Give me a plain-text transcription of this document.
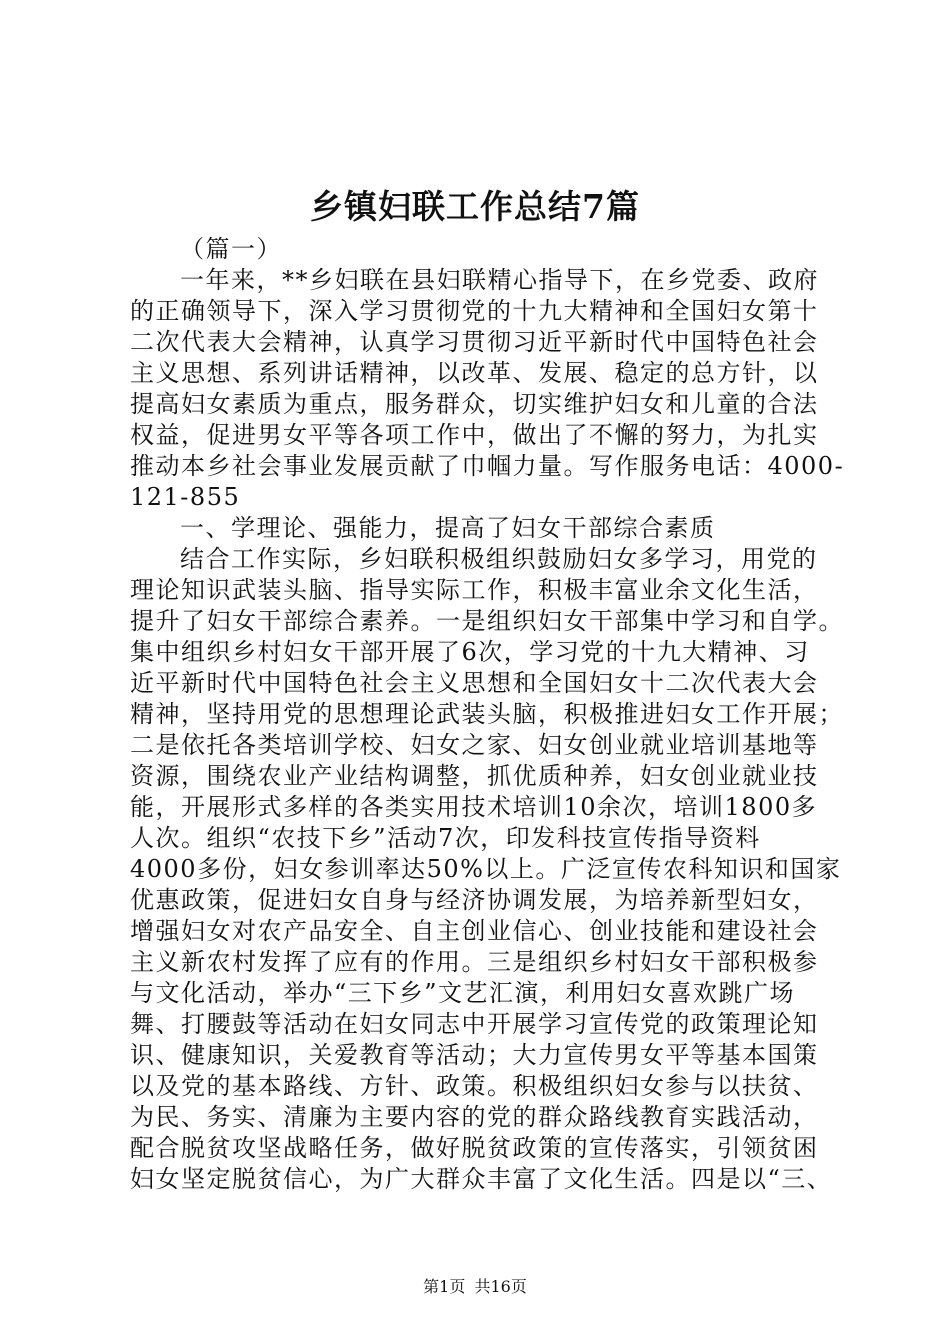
乡镇妇联工作总结7篇
（篇一）
一年来，**乡妇联在县妇联精心指导下，在乡党委、政府
的正确领导下，深入学习贯彻党的十九大精神和全国妇女第十
二次代表大会精神，认真学习贯彻习近平新时代中国特色社会
主义思想、系列讲话精神，以改革、发展、稳定的总方针，以
提高妇女素质为重点，服务群众，切实维护妇女和儿童的合法
权益，促进男女平等各项工作中，做出了不懈的努力，为扎实
推动本乡社会事业发展贡献了巾帼力量。写作服务电话：4000-
121-855
一、学理论、强能力，提高了妇女干部综合素质
结合工作实际，乡妇联积极组织鼓励妇女多学习，用党的
理论知识武装头脑、指导实际工作，积极丰富业余文化生活，
提升了妇女干部综合素养。一是组织妇女干部集中学习和自学。
集中组织乡村妇女干部开展了6次，学习党的十九大精神、习
近平新时代中国特色社会主义思想和全国妇女十二次代表大会
精神，坚持用党的思想理论武装头脑，积极推进妇女工作开展；
二是依托各类培训学校、妇女之家、妇女创业就业培训基地等
资源，围绕农业产业结构调整，抓优质种养，妇女创业就业技
能，开展形式多样的各类实用技术培训10余次，培训1800多
人次。组织“农技下乡”活动7次，印发科技宣传指导资料
4000多份，妇女参训率达50%以上。广泛宣传农科知识和国家
优惠政策，促进妇女自身与经济协调发展，为培养新型妇女，
增强妇女对农产品安全、自主创业信心、创业技能和建设社会
主义新农村发挥了应有的作用。三是组织乡村妇女干部积极参
与文化活动，举办“三下乡”文艺汇演，利用妇女喜欢跳广场
舞、打腰鼓等活动在妇女同志中开展学习宣传党的政策理论知
识、健康知识，关爱教育等活动；大力宣传男女平等基本国策
以及党的基本路线、方针、政策。积极组织妇女参与以扶贫、
为民、务实、清廉为主要内容的党的群众路线教育实践活动，
配合脱贫攻坚战略任务，做好脱贫政策的宣传落实，引领贫困
妇女坚定脱贫信心，为广大群众丰富了文化生活。四是以“三、
第1页 共16页
